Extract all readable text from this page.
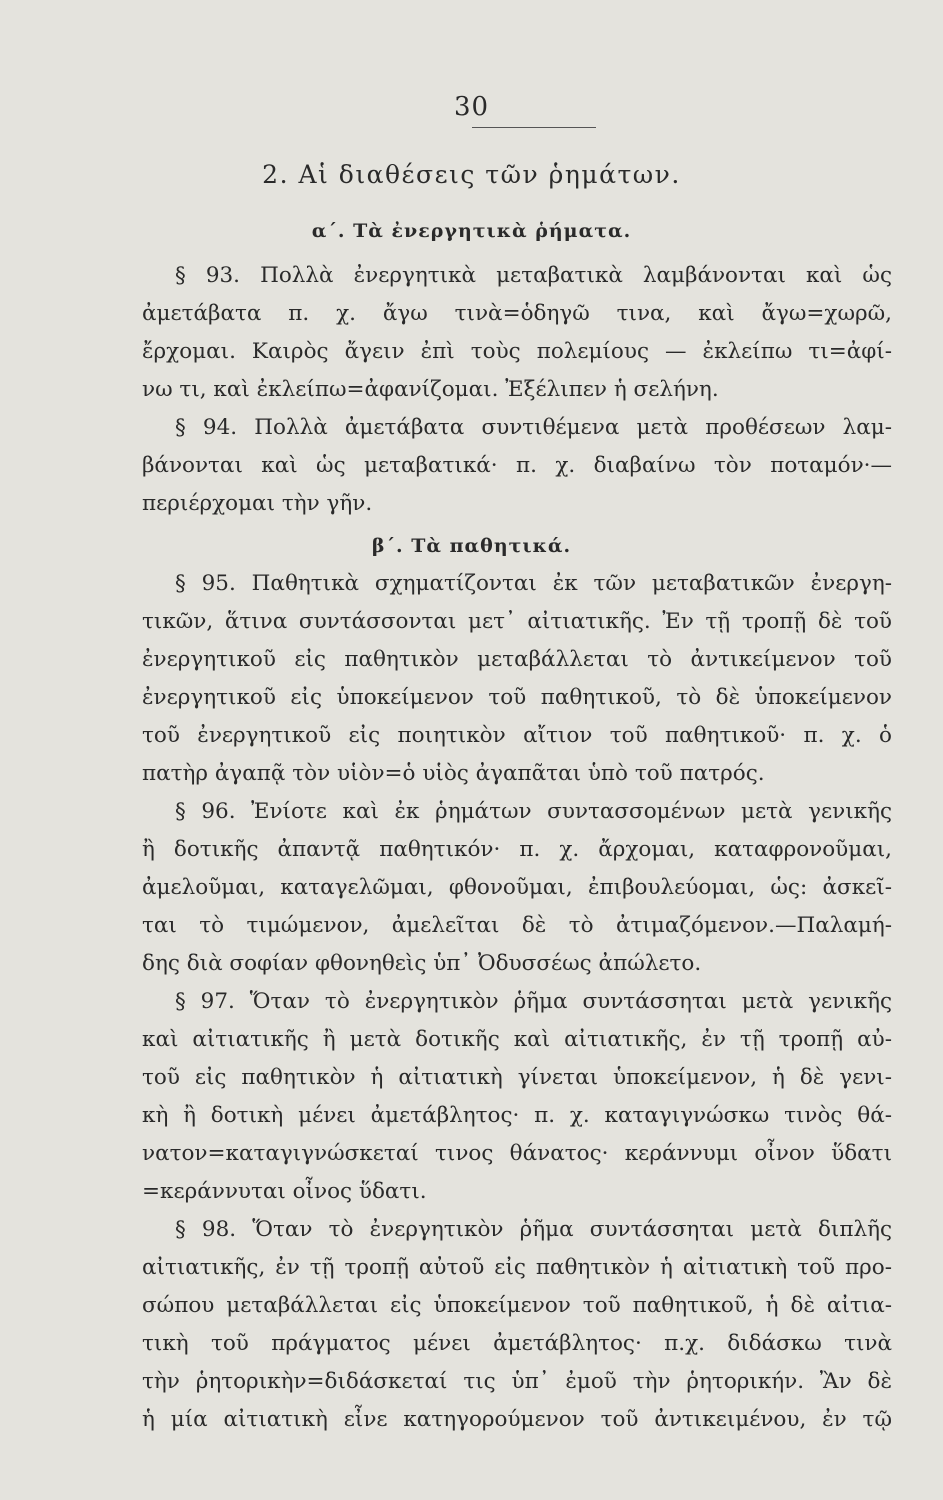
30
2. Αἱ διαθέσεις τῶν ῥημάτων.
α΄. Τὰ ἐνεργητικὰ ῥήματα.
§ 93. Πολλὰ ἐνεργητικὰ μεταβατικὰ λαμβάνονται καὶ ὡς
ἀμετάβατα π. χ. ἄγω τινὰ=ὁδηγῶ τινα, καὶ ἄγω=χωρῶ,
ἔρχομαι. Καιρὸς ἄγειν ἐπὶ τοὺς πολεμίους — ἐκλείπω τι=ἀφί-
νω τι, καὶ ἐκλείπω=ἀφανίζομαι. Ἐξέλιπεν ἡ σελήνη.
§ 94. Πολλὰ ἀμετάβατα συντιθέμενα μετὰ προθέσεων λαμ-
βάνονται καὶ ὡς μεταβατικά· π. χ. διαβαίνω τὸν ποταμόν·—
περιέρχομαι τὴν γῆν.
β΄. Τὰ παθητικά.
§ 95. Παθητικὰ σχηματίζονται ἐκ τῶν μεταβατικῶν ἐνεργη-
τικῶν, ἅτινα συντάσσονται μετ᾿ αἰτιατικῆς. Ἐν τῇ τροπῇ δὲ τοῦ
ἐνεργητικοῦ εἰς παθητικὸν μεταβάλλεται τὸ ἀντικείμενον τοῦ
ἐνεργητικοῦ εἰς ὑποκείμενον τοῦ παθητικοῦ, τὸ δὲ ὑποκείμενον
τοῦ ἐνεργητικοῦ εἰς ποιητικὸν αἴτιον τοῦ παθητικοῦ· π. χ. ὁ
πατὴρ ἀγαπᾷ τὸν υἱὸν=ὁ υἱὸς ἀγαπᾶται ὑπὸ τοῦ πατρός.
§ 96. Ἐνίοτε καὶ ἐκ ῥημάτων συντασσομένων μετὰ γενικῆς
ἢ δοτικῆς ἀπαντᾷ παθητικόν· π. χ. ἄρχομαι, καταφρονοῦμαι,
ἀμελοῦμαι, καταγελῶμαι, φθονοῦμαι, ἐπιβουλεύομαι, ὡς: ἀσκεῖ-
ται τὸ τιμώμενον, ἀμελεῖται δὲ τὸ ἀτιμαζόμενον.—Παλαμή-
δης διὰ σοφίαν φθονηθεὶς ὑπ᾿ Ὀδυσσέως ἀπώλετο.
§ 97. Ὅταν τὸ ἐνεργητικὸν ῥῆμα συντάσσηται μετὰ γενικῆς
καὶ αἰτιατικῆς ἢ μετὰ δοτικῆς καὶ αἰτιατικῆς, ἐν τῇ τροπῇ αὐ-
τοῦ εἰς παθητικὸν ἡ αἰτιατικὴ γίνεται ὑποκείμενον, ἡ δὲ γενι-
κὴ ἢ δοτικὴ μένει ἀμετάβλητος· π. χ. καταγιγνώσκω τινὸς θά-
νατον=καταγιγνώσκεταί τινος θάνατος· κεράννυμι οἶνον ὕδατι
=κεράννυται οἶνος ὕδατι.
§ 98. Ὅταν τὸ ἐνεργητικὸν ῥῆμα συντάσσηται μετὰ διπλῆς
αἰτιατικῆς, ἐν τῇ τροπῇ αὐτοῦ εἰς παθητικὸν ἡ αἰτιατικὴ τοῦ προ-
σώπου μεταβάλλεται εἰς ὑποκείμενον τοῦ παθητικοῦ, ἡ δὲ αἰτια-
τικὴ τοῦ πράγματος μένει ἀμετάβλητος· π.χ. διδάσκω τινὰ
τὴν ῥητορικὴν=διδάσκεταί τις ὑπ᾿ ἐμοῦ τὴν ῥητορικήν. Ἂν δὲ
ἡ μία αἰτιατικὴ εἶνε κατηγορούμενον τοῦ ἀντικειμένου, ἐν τῷ
